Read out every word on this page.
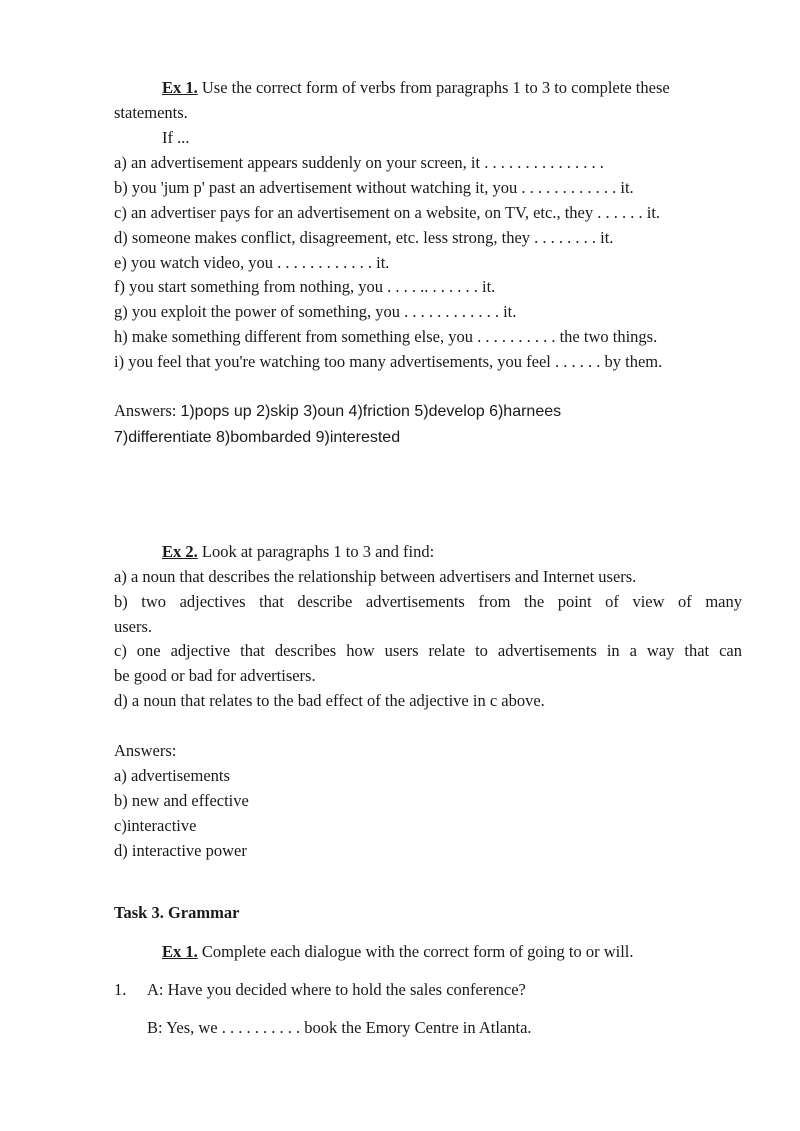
Ex 1. Use the correct form of verbs from paragraphs 1 to 3 to complete these
statements.
If ...
a) an advertisement appears suddenly on your screen, it . . . . . . . . . . . . . . .
b) you 'jum p' past an advertisement without watching it, you . . . . . . . . . . . . it.
c) an advertiser pays for an advertisement on a website, on TV, etc., they . . . . . . it.
d) someone makes conflict, disagreement, etc. less strong, they . . . . . . . . it.
e) you watch video, you . . . . . . . . . . . . it.
f) you start something from nothing, you . . . . .. . . . . . . it.
g) you exploit the power of something, you . . . . . . . . . . . . it.
h) make something different from something else, you . . . . . . . . . . the two things.
i) you feel that you're watching too many advertisements, you feel . . . . . . by them.
Answers: 1)pops up 2)skip 3)oun 4)friction 5)develop 6)harnees
7)differentiate 8)bombarded 9)interested
Ex 2. Look at paragraphs 1 to 3 and find:
a) a noun that describes the relationship between advertisers and Internet users.
b) two adjectives that describe advertisements from the point of view of many
users.
c) one adjective that describes how users relate to advertisements in a way that can
be good or bad for advertisers.
d) a noun that relates to the bad effect of the adjective in c above.
Answers:
a) advertisements
b) new and effective
c)interactive
d) interactive power
Task 3. Grammar
Ex 1. Complete each dialogue with the correct form of going to or will.
1. A: Have you decided where to hold the sales conference?
B: Yes, we . . . . . . . . . . book the Emory Centre in Atlanta.
